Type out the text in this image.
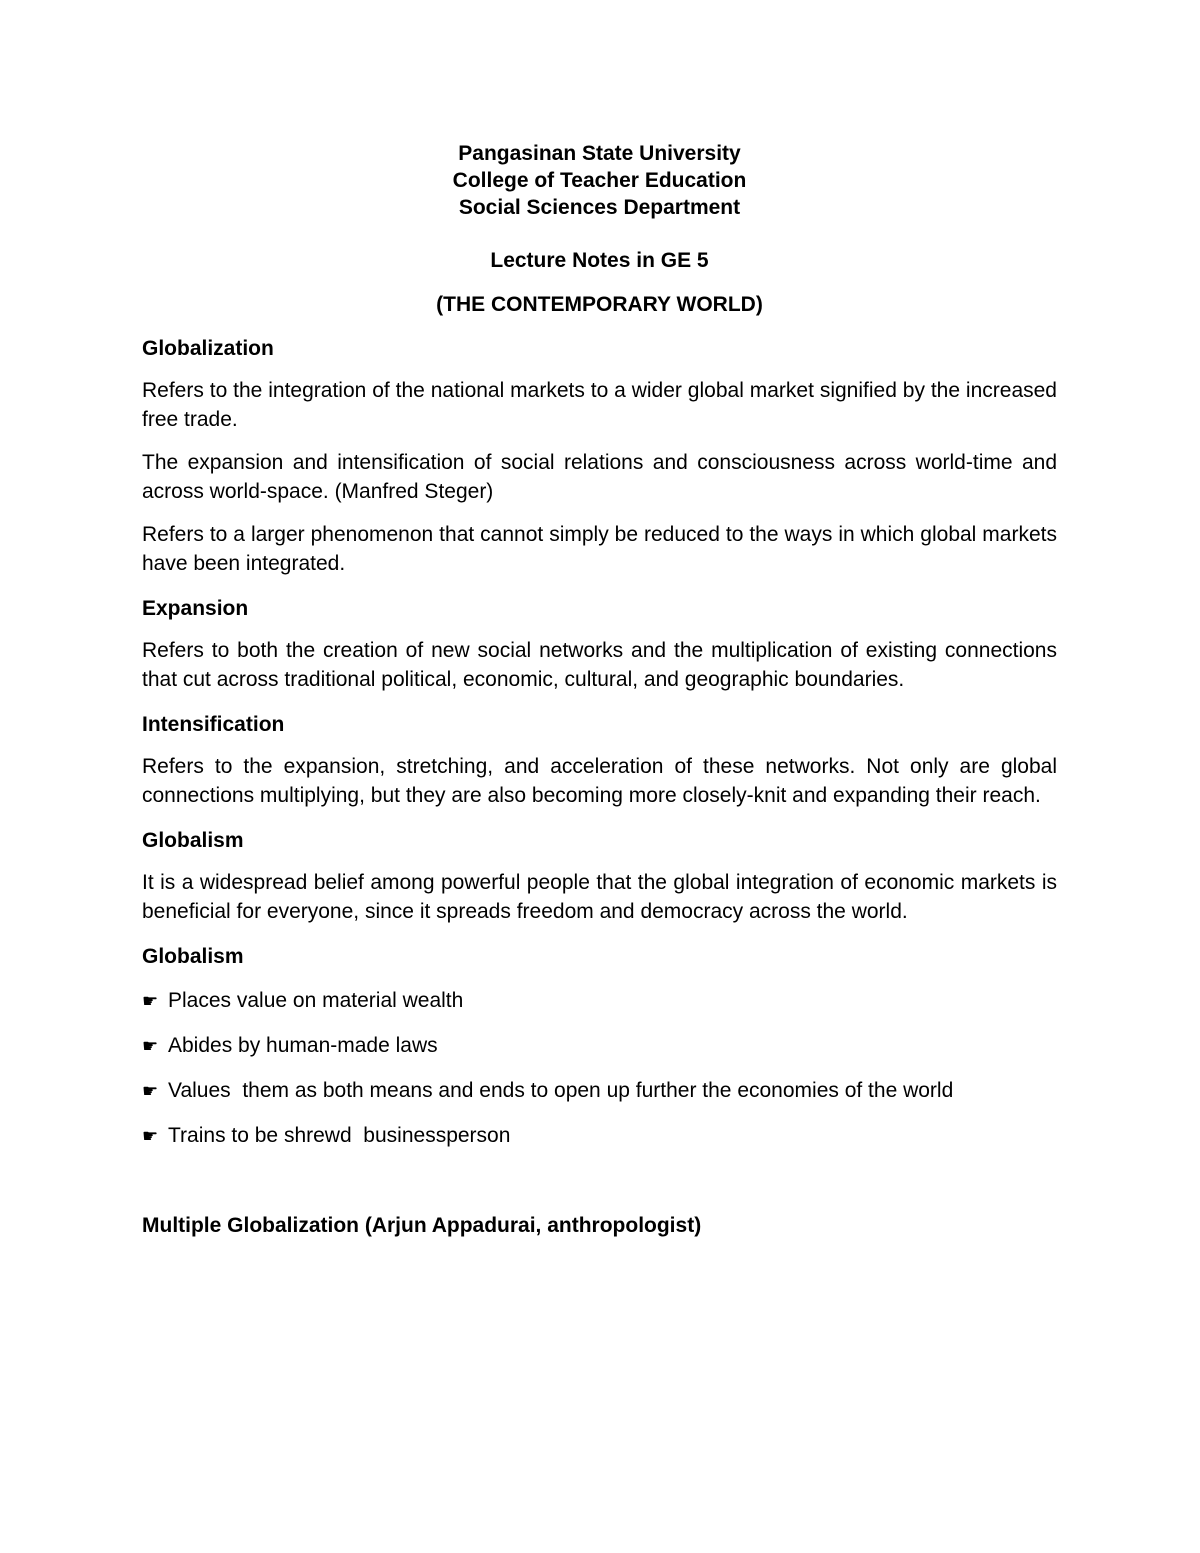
Pangasinan State University
College of Teacher Education
Social Sciences Department
Lecture Notes in GE 5
(THE CONTEMPORARY WORLD)
Globalization
Refers to the integration of the national markets to a wider global market signified by the increased free trade.
The expansion and intensification of social relations and consciousness across world-time and across world-space. (Manfred Steger)
Refers to a larger phenomenon that cannot simply be reduced to the ways in which global markets have been integrated.
Expansion
Refers to both the creation of new social networks and the multiplication of existing connections that cut across traditional political, economic, cultural, and geographic boundaries.
Intensification
Refers to the expansion, stretching, and acceleration of these networks. Not only are global connections multiplying, but they are also becoming more closely-knit and expanding their reach.
Globalism
It is a widespread belief among powerful people that the global integration of economic markets is beneficial for everyone, since it spreads freedom and democracy across the world.
Globalism
☛ Places value on material wealth
☛ Abides by human-made laws
☛ Values  them as both means and ends to open up further the economies of the world
☛ Trains to be shrewd  businessperson
Multiple Globalization (Arjun Appadurai, anthropologist)
